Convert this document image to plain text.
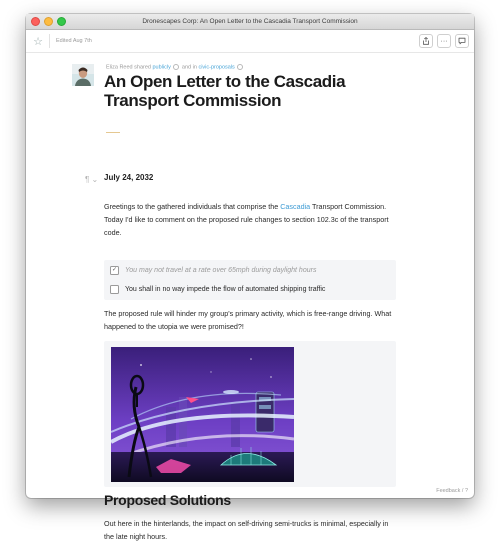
Dronescapes Corp: An Open Letter to the Cascadia Transport Commission
☆	Edited Aug 7th	···
Eliza Reed shared publicly and in civic-proposals
An Open Letter to the Cascadia Transport Commission
¶ ⌄ July 24, 2032
Greetings to the gathered individuals that comprise the Cascadia Transport Commission. Today I'd like to comment on the proposed rule changes to section 102.3c of the transport code.
✓ You may not travel at a rate over 65mph during daylight hours
You shall in no way impede the flow of automated shipping traffic
The proposed rule will hinder my group's primary activity, which is free-range driving. What happened to the utopia we were promised?!
Proposed Solutions
Out here in the hinterlands, the impact on self-driving semi-trucks is minimal, especially in the late night hours.
Feedback / ?
